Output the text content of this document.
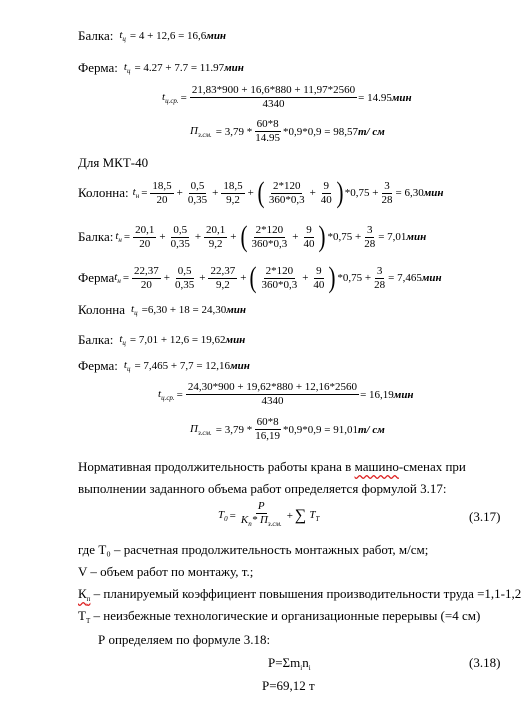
Балка: $t_ц = 4 + 12,6 = 16,6$ мин
Ферма: $t_ц = 4.27 + 7.7 = 11.97$ мин
$t_{ц.ср.} = \frac{21,83*900 + 16,6*880 + 11,97*2560}{4340} = 14.95$ мин
$П_{з.см.} = 3,79 * \frac{60*8}{14.95} *0,9*0,9 = 98,57$ т/ см
Для МКТ-40
Колонна: $t_н = \frac{18,5}{20} + \frac{0,5}{0,35} + \frac{18,5}{9,2}$ + ( $\frac{2*120}{360*0,3} + \frac{9}{40}$ ) $*0,75 + \frac{3}{28} = 6,30$ мин
Балка: $t_н = \frac{20,1}{20} + \frac{0,5}{0,35} + \frac{20,1}{9,2}$ + ( $\frac{2*120}{360*0,3} + \frac{9}{40}$ ) $*0,75 + \frac{3}{28} = 7,01$ мин
Ферма $t_н = \frac{22,37}{20} + \frac{0,5}{0,35} + \frac{22,37}{9,2}$ + ( $\frac{2*120}{360*0,3} + \frac{9}{40}$ ) $*0,75 + \frac{3}{28} = 7,465$ мин
Колонна $t_ц = 6,30 + 18 = 24,30$ мин
Балка: $t_ц = 7,01 + 12,6 = 19,62$ мин
Ферма: $t_ц = 7,465 + 7,7 = 12,16$ мин
$t_{ц.ср.} = \frac{24,30*900 + 19,62*880 + 12,16*2560}{4340} = 16,19$ мин
$П_{з.см.} = 3,79 * \frac{60*8}{16,19} *0,9*0,9 = 91,01$ т/ см
Нормативная продолжительность работы крана в машино-сменах при
выполнении заданного объема работ определяется формулой 3.17:
$T_0 = \frac{P}{K_п* П_{з.см.}}$ + ∑ $T_T$	(3.17)
где Т₀ – расчетная продолжительность монтажных работ, м/см;
V – объем работ по монтажу, т.;
$К_п$ – планируемый коэффициент повышения производительности труда =1,1-1,2
$Т_Т$ – неизбежные технологические и организационные перерывы (=4 см)
Р определяем по формуле 3.18:
$Р=\Sigma m_in_i$	(3.18)
Р=69,12 т
